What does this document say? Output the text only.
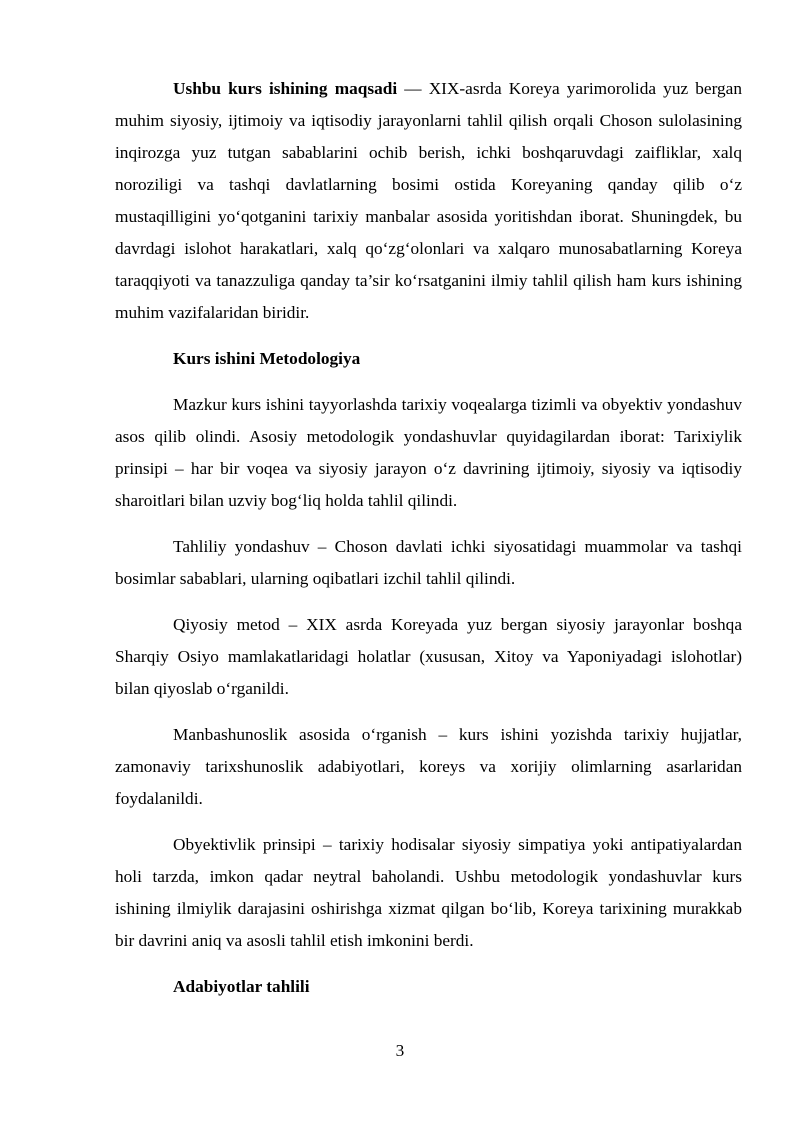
Ushbu kurs ishining maqsadi — XIX-asrda Koreya yarimorolida yuz bergan muhim siyosiy, ijtimoiy va iqtisodiy jarayonlarni tahlil qilish orqali Choson sulolasining inqirozga yuz tutgan sabablarini ochib berish, ichki boshqaruvdagi zaifliklar, xalq noroziligi va tashqi davlatlarning bosimi ostida Koreyaning qanday qilib o‘z mustaqilligini yo‘qotganini tarixiy manbalar asosida yoritishdan iborat. Shuningdek, bu davrdagi islohot harakatlari, xalq qo‘zg‘olonlari va xalqaro munosabatlarning Koreya taraqqiyoti va tanazzuliga qanday ta’sir ko‘rsatganini ilmiy tahlil qilish ham kurs ishining muhim vazifalaridan biridir.

Kurs ishini Metodologiya

Mazkur kurs ishini tayyorlashda tarixiy voqealarga tizimli va obyektiv yondashuv asos qilib olindi. Asosiy metodologik yondashuvlar quyidagilardan iborat: Tarixiylik prinsipi – har bir voqea va siyosiy jarayon o‘z davrining ijtimoiy, siyosiy va iqtisodiy sharoitlari bilan uzviy bog‘liq holda tahlil qilindi.

Tahliliy yondashuv – Choson davlati ichki siyosatidagi muammolar va tashqi bosimlar sabablari, ularning oqibatlari izchil tahlil qilindi.

Qiyosiy metod – XIX asrda Koreyada yuz bergan siyosiy jarayonlar boshqa Sharqiy Osiyo mamlakatlaridagi holatlar (xususan, Xitoy va Yaponiyadagi islohotlar) bilan qiyoslab o‘rganildi.

Manbashunoslik asosida o‘rganish – kurs ishini yozishda tarixiy hujjatlar, zamonaviy tarixshunoslik adabiyotlari, koreys va xorijiy olimlarning asarlaridan foydalanildi.

Obyektivlik prinsipi – tarixiy hodisalar siyosiy simpatiya yoki antipatiyalardan holi tarzda, imkon qadar neytral baholandi. Ushbu metodologik yondashuvlar kurs ishining ilmiylik darajasini oshirishga xizmat qilgan bo‘lib, Koreya tarixining murakkab bir davrini aniq va asosli tahlil etish imkonini berdi.

Adabiyotlar tahlili

3
